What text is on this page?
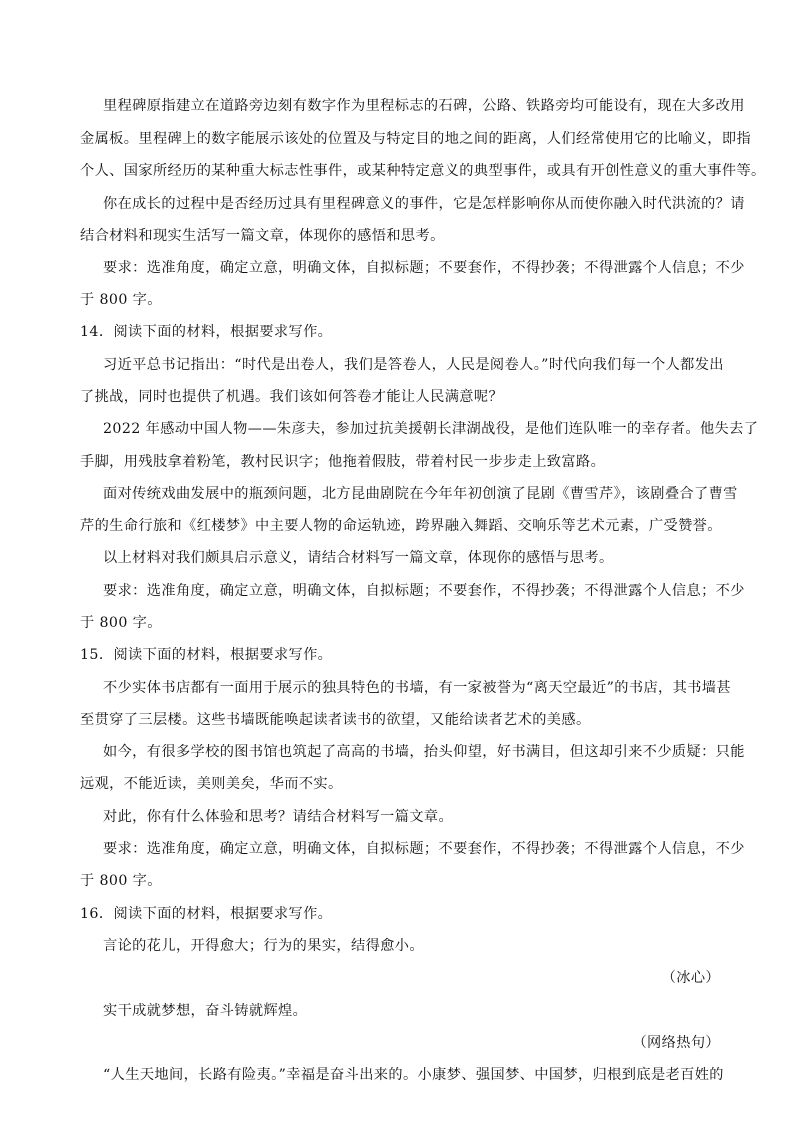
里程碑原指建立在道路旁边刻有数字作为里程标志的石碑，公路、铁路旁均可能设有，现在大多改用
金属板。里程碑上的数字能展示该处的位置及与特定目的地之间的距离，人们经常使用它的比喻义，即指
个人、国家所经历的某种重大标志性事件，或某种特定意义的典型事件，或具有开创性意义的重大事件等。
你在成长的过程中是否经历过具有里程碑意义的事件，它是怎样影响你从而使你融入时代洪流的？请
结合材料和现实生活写一篇文章，体现你的感悟和思考。
要求：选准角度，确定立意，明确文体，自拟标题；不要套作，不得抄袭；不得泄露个人信息；不少
于 800 字。
14．阅读下面的材料，根据要求写作。
习近平总书记指出：“时代是出卷人，我们是答卷人，人民是阅卷人。”时代向我们每一个人都发出
了挑战，同时也提供了机遇。我们该如何答卷才能让人民满意呢？
2022 年感动中国人物——朱彦夫，参加过抗美援朝长津湖战役，是他们连队唯一的幸存者。他失去了
手脚，用残肢拿着粉笔，教村民识字；他拖着假肢，带着村民一步步走上致富路。
面对传统戏曲发展中的瓶颈问题，北方昆曲剧院在今年年初创演了昆剧《曹雪芹》，该剧叠合了曹雪
芹的生命行旅和《红楼梦》中主要人物的命运轨迹，跨界融入舞蹈、交响乐等艺术元素，广受赞誉。
以上材料对我们颇具启示意义，请结合材料写一篇文章，体现你的感悟与思考。
要求：选准角度，确定立意，明确文体，自拟标题；不要套作，不得抄袭；不得泄露个人信息；不少
于 800 字。
15．阅读下面的材料，根据要求写作。
不少实体书店都有一面用于展示的独具特色的书墙，有一家被誉为“离天空最近”的书店，其书墙甚
至贯穿了三层楼。这些书墙既能唤起读者读书的欲望，又能给读者艺术的美感。
如今，有很多学校的图书馆也筑起了高高的书墙，抬头仰望，好书满目，但这却引来不少质疑：只能
远观，不能近读，美则美矣，华而不实。
对此，你有什么体验和思考？请结合材料写一篇文章。
要求：选准角度，确定立意，明确文体，自拟标题；不要套作，不得抄袭；不得泄露个人信息，不少
于 800 字。
16．阅读下面的材料，根据要求写作。
言论的花儿，开得愈大；行为的果实，结得愈小。
（冰心）
实干成就梦想，奋斗铸就辉煌。
（网络热句）
“人生天地间，长路有险夷。”幸福是奋斗出来的。小康梦、强国梦、中国梦，归根到底是老百姓的
